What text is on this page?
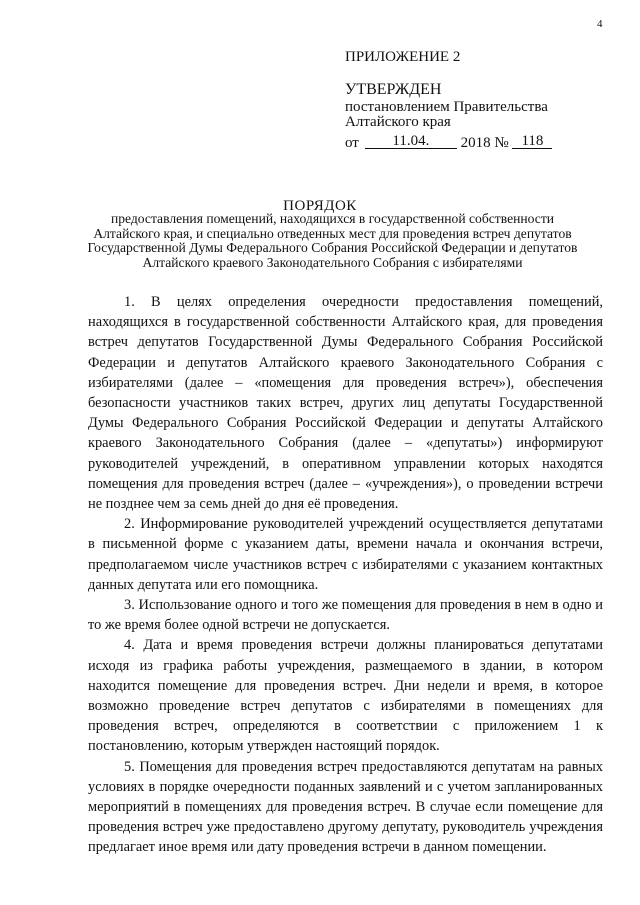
4
ПРИЛОЖЕНИЕ 2
УТВЕРЖДЕН
постановлением Правительства
Алтайского края
от 11.04. 2018 № 118
ПОРЯДОК
предоставления помещений, находящихся в государственной собственности Алтайского края, и специально отведенных мест для проведения встреч депутатов Государственной Думы Федерального Собрания Российской Федерации и депутатов Алтайского краевого Законодательного Собрания с избирателями

1. В целях определения очередности предоставления помещений, находящихся в государственной собственности Алтайского края, для проведения встреч депутатов Государственной Думы Федерального Собрания Российской Федерации и депутатов Алтайского краевого Законодательного Собрания с избирателями (далее – «помещения для проведения встреч»), обеспечения безопасности участников таких встреч, других лиц депутаты Государственной Думы Федерального Собрания Российской Федерации и депутаты Алтайского краевого Законодательного Собрания (далее – «депутаты») информируют руководителей учреждений, в оперативном управлении которых находятся помещения для проведения встреч (далее – «учреждения»), о проведении встречи не позднее чем за семь дней до дня её проведения.

2. Информирование руководителей учреждений осуществляется депутатами в письменной форме с указанием даты, времени начала и окончания встречи, предполагаемом числе участников встреч с избирателями с указанием контактных данных депутата или его помощника.

3. Использование одного и того же помещения для проведения в нем в одно и то же время более одной встречи не допускается.

4. Дата и время проведения встречи должны планироваться депутатами исходя из графика работы учреждения, размещаемого в здании, в котором находится помещение для проведения встреч. Дни недели и время, в которое возможно проведение встреч депутатов с избирателями в помещениях для проведения встреч, определяются в соответствии с приложением 1 к постановлению, которым утвержден настоящий порядок.

5. Помещения для проведения встреч предоставляются депутатам на равных условиях в порядке очередности поданных заявлений и с учетом запланированных мероприятий в помещениях для проведения встреч. В случае если помещение для проведения встреч уже предоставлено другому депутату, руководитель учреждения предлагает иное время или дату проведения встречи в данном помещении.
